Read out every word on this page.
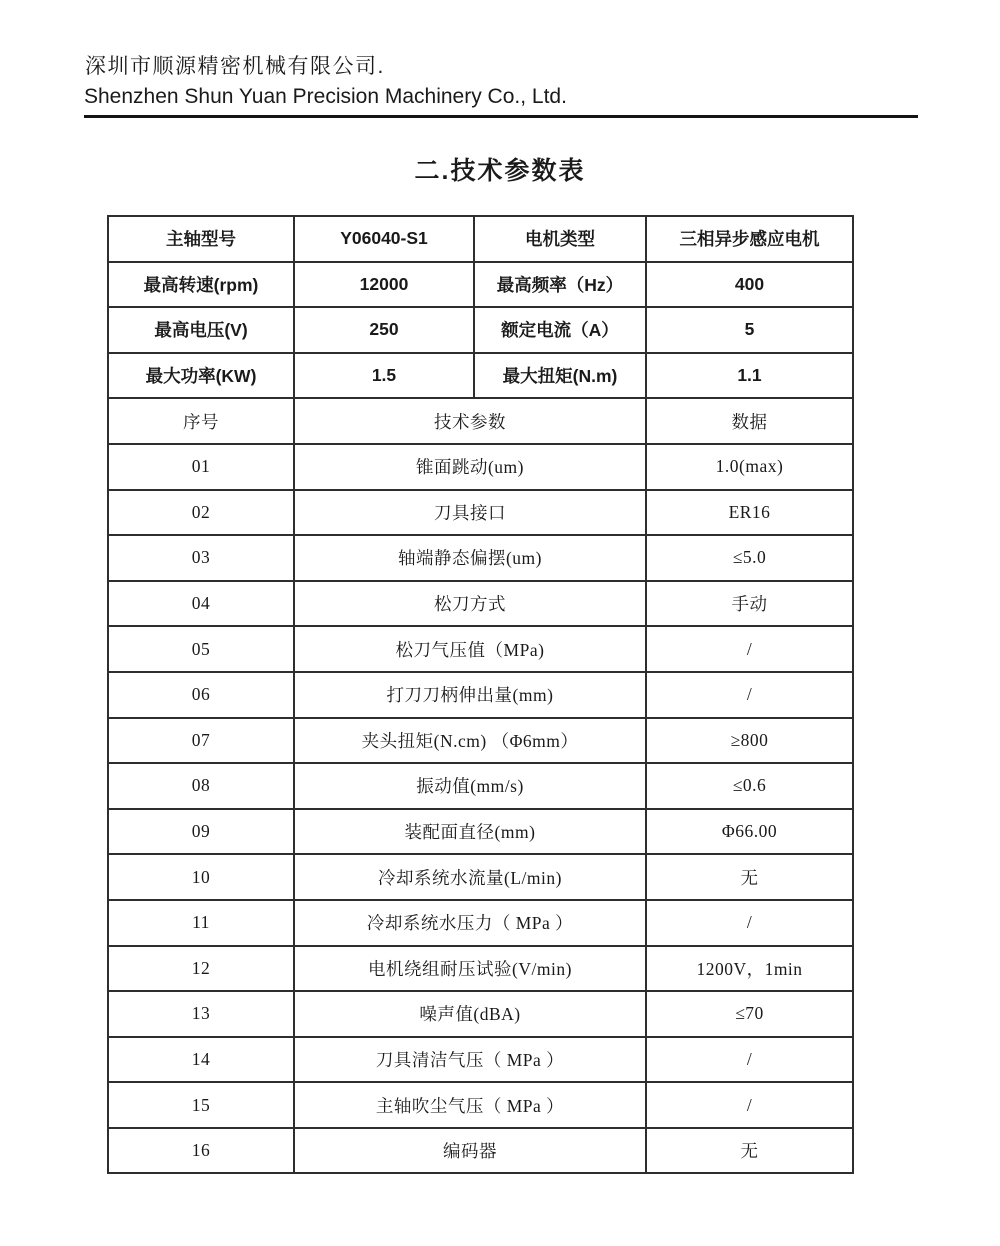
深圳市顺源精密机械有限公司.
Shenzhen Shun Yuan Precision Machinery Co., Ltd.
二.技术参数表
主轴型号	Y06040-S1	电机类型	三相异步感应电机
最高转速(rpm)	12000	最高频率（Hz）	400
最高电压(V)	250	额定电流（A）	5
最大功率(KW)	1.5	最大扭矩(N.m)	1.1
序号	技术参数		数据
01	锥面跳动(um)		1.0(max)
02	刀具接口		ER16
03	轴端静态偏摆(um)		≤5.0
04	松刀方式		手动
05	松刀气压值（MPa)		/
06	打刀刀柄伸出量(mm)		/
07	夹头扭矩(N.cm) （Φ6mm）		≥800
08	振动值(mm/s)		≤0.6
09	装配面直径(mm)		Φ66.00
10	冷却系统水流量(L/min)		无
11	冷却系统水压力（ MPa ）		/
12	电机绕组耐压试验(V/min)		1200V，1min
13	噪声值(dBA)		≤70
14	刀具清洁气压（ MPa ）		/
15	主轴吹尘气压（ MPa ）		/
16	编码器		无
